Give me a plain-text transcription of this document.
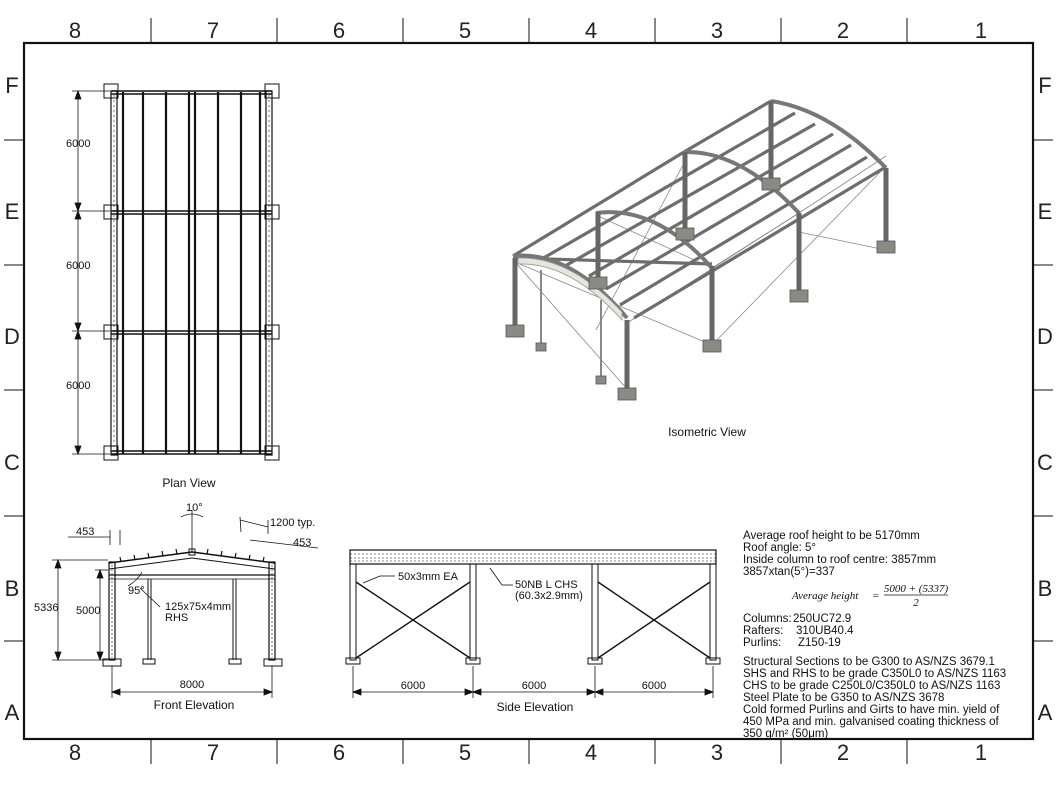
8	7	6	5	4	3	2	1
8	7	6	5	4	3	2	1
F
E
D
C
B
A
F
E
D
C
B
A
6000
6000
6000
Plan View
Isometric View
10°
1200 typ.
453
453
5336 5000
95°
125x75x4mm
RHS
8000
Front Elevation
50x3mm EA
50NB L CHS
(60.3x2.9mm)
6000	6000	6000
Side Elevation
Average roof height to be 5170mm
Roof angle: 5°
Inside column to roof centre: 3857mm
3857xtan(5°)=337
Average height =
5000 + (5337)
2
Columns: 250UC72.9
Rafters: 310UB40.4
Purlins: Z150-19
Structural Sections to be G300 to AS/NZS 3679.1
SHS and RHS to be grade C350L0 to AS/NZS 1163
CHS to be grade C250L0/C350L0 to AS/NZS 1163
Steel Plate to be G350 to AS/NZS 3678
Cold formed Purlins and Girts to have min. yield of
450 MPa and min. galvanised coating thickness of
350 g/m² (50μm)
